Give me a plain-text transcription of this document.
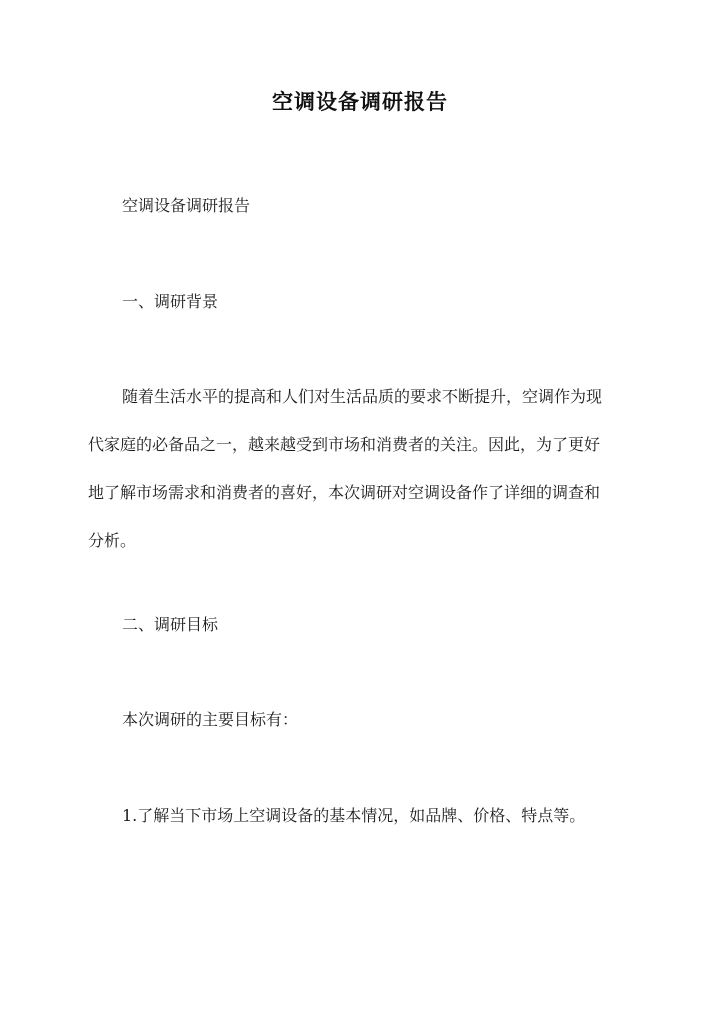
空调设备调研报告
空调设备调研报告
一、调研背景
随着生活水平的提高和人们对生活品质的要求不断提升，空调作为现
代家庭的必备品之一，越来越受到市场和消费者的关注。因此，为了更好
地了解市场需求和消费者的喜好，本次调研对空调设备作了详细的调查和
分析。
二、调研目标
本次调研的主要目标有：
1.了解当下市场上空调设备的基本情况，如品牌、价格、特点等。
